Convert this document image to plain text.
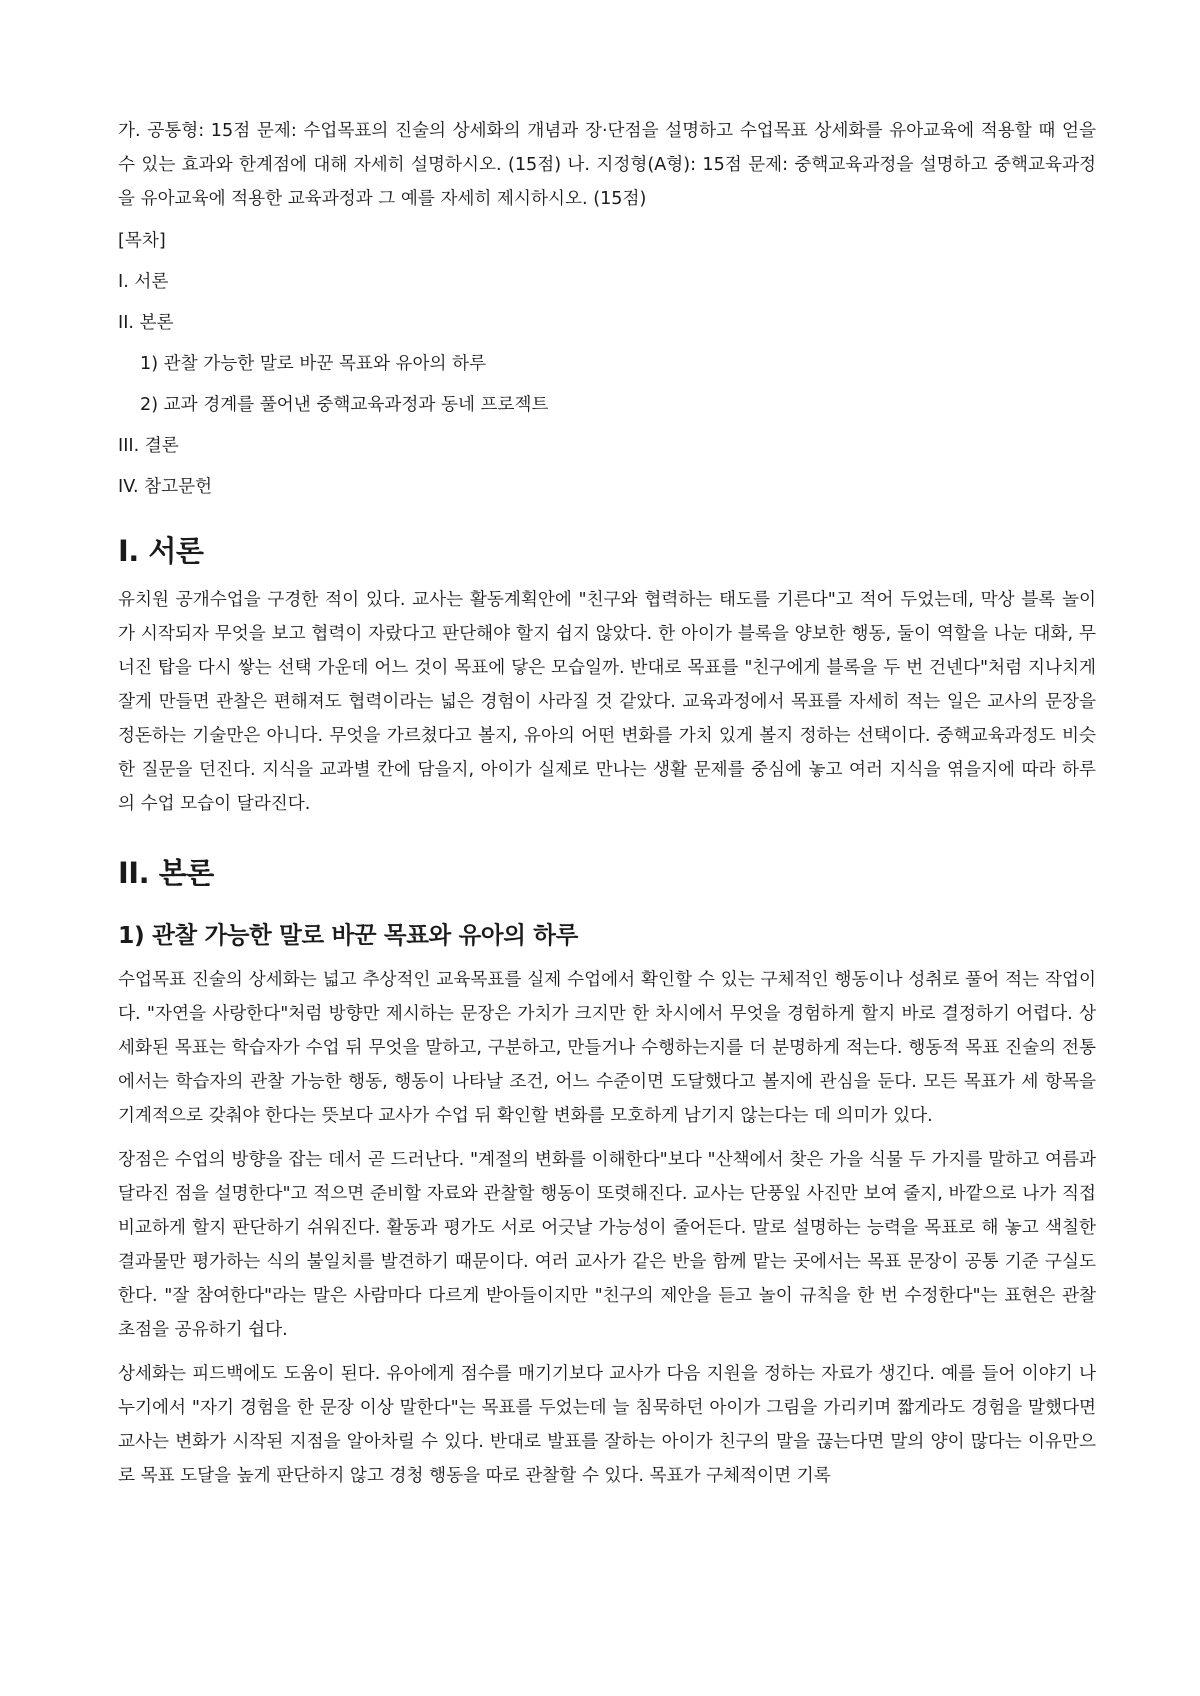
가. 공통형: 15점 문제: 수업목표의 진술의 상세화의 개념과 장·단점을 설명하고 수업목표 상세화를 유아교육에 적용할 때 얻을 수 있는 효과와 한계점에 대해 자세히 설명하시오. (15점) 나. 지정형(A형): 15점 문제: 중핵교육과정을 설명하고 중핵교육과정을 유아교육에 적용한 교육과정과 그 예를 자세히 제시하시오. (15점)

[목차]

I. 서론

II. 본론

1) 관찰 가능한 말로 바꾼 목표와 유아의 하루

2) 교과 경계를 풀어낸 중핵교육과정과 동네 프로젝트

III. 결론

IV. 참고문헌

I. 서론

유치원 공개수업을 구경한 적이 있다. 교사는 활동계획안에 "친구와 협력하는 태도를 기른다"고 적어 두었는데, 막상 블록 놀이가 시작되자 무엇을 보고 협력이 자랐다고 판단해야 할지 쉽지 않았다. 한 아이가 블록을 양보한 행동, 둘이 역할을 나눈 대화, 무너진 탑을 다시 쌓는 선택 가운데 어느 것이 목표에 닿은 모습일까. 반대로 목표를 "친구에게 블록을 두 번 건넨다"처럼 지나치게 잘게 만들면 관찰은 편해져도 협력이라는 넓은 경험이 사라질 것 같았다. 교육과정에서 목표를 자세히 적는 일은 교사의 문장을 정돈하는 기술만은 아니다. 무엇을 가르쳤다고 볼지, 유아의 어떤 변화를 가치 있게 볼지 정하는 선택이다. 중핵교육과정도 비슷한 질문을 던진다. 지식을 교과별 칸에 담을지, 아이가 실제로 만나는 생활 문제를 중심에 놓고 여러 지식을 엮을지에 따라 하루의 수업 모습이 달라진다.

II. 본론
1) 관찰 가능한 말로 바꾼 목표와 유아의 하루

수업목표 진술의 상세화는 넓고 추상적인 교육목표를 실제 수업에서 확인할 수 있는 구체적인 행동이나 성취로 풀어 적는 작업이다. "자연을 사랑한다"처럼 방향만 제시하는 문장은 가치가 크지만 한 차시에서 무엇을 경험하게 할지 바로 결정하기 어렵다. 상세화된 목표는 학습자가 수업 뒤 무엇을 말하고, 구분하고, 만들거나 수행하는지를 더 분명하게 적는다. 행동적 목표 진술의 전통에서는 학습자의 관찰 가능한 행동, 행동이 나타날 조건, 어느 수준이면 도달했다고 볼지에 관심을 둔다. 모든 목표가 세 항목을 기계적으로 갖춰야 한다는 뜻보다 교사가 수업 뒤 확인할 변화를 모호하게 남기지 않는다는 데 의미가 있다.

장점은 수업의 방향을 잡는 데서 곧 드러난다. "계절의 변화를 이해한다"보다 "산책에서 찾은 가을 식물 두 가지를 말하고 여름과 달라진 점을 설명한다"고 적으면 준비할 자료와 관찰할 행동이 또렷해진다. 교사는 단풍잎 사진만 보여 줄지, 바깥으로 나가 직접 비교하게 할지 판단하기 쉬워진다. 활동과 평가도 서로 어긋날 가능성이 줄어든다. 말로 설명하는 능력을 목표로 해 놓고 색칠한 결과물만 평가하는 식의 불일치를 발견하기 때문이다. 여러 교사가 같은 반을 함께 맡는 곳에서는 목표 문장이 공통 기준 구실도 한다. "잘 참여한다"라는 말은 사람마다 다르게 받아들이지만 "친구의 제안을 듣고 놀이 규칙을 한 번 수정한다"는 표현은 관찰 초점을 공유하기 쉽다.

상세화는 피드백에도 도움이 된다. 유아에게 점수를 매기기보다 교사가 다음 지원을 정하는 자료가 생긴다. 예를 들어 이야기 나누기에서 "자기 경험을 한 문장 이상 말한다"는 목표를 두었는데 늘 침묵하던 아이가 그림을 가리키며 짧게라도 경험을 말했다면 교사는 변화가 시작된 지점을 알아차릴 수 있다. 반대로 발표를 잘하는 아이가 친구의 말을 끊는다면 말의 양이 많다는 이유만으로 목표 도달을 높게 판단하지 않고 경청 행동을 따로 관찰할 수 있다. 목표가 구체적이면 기록
